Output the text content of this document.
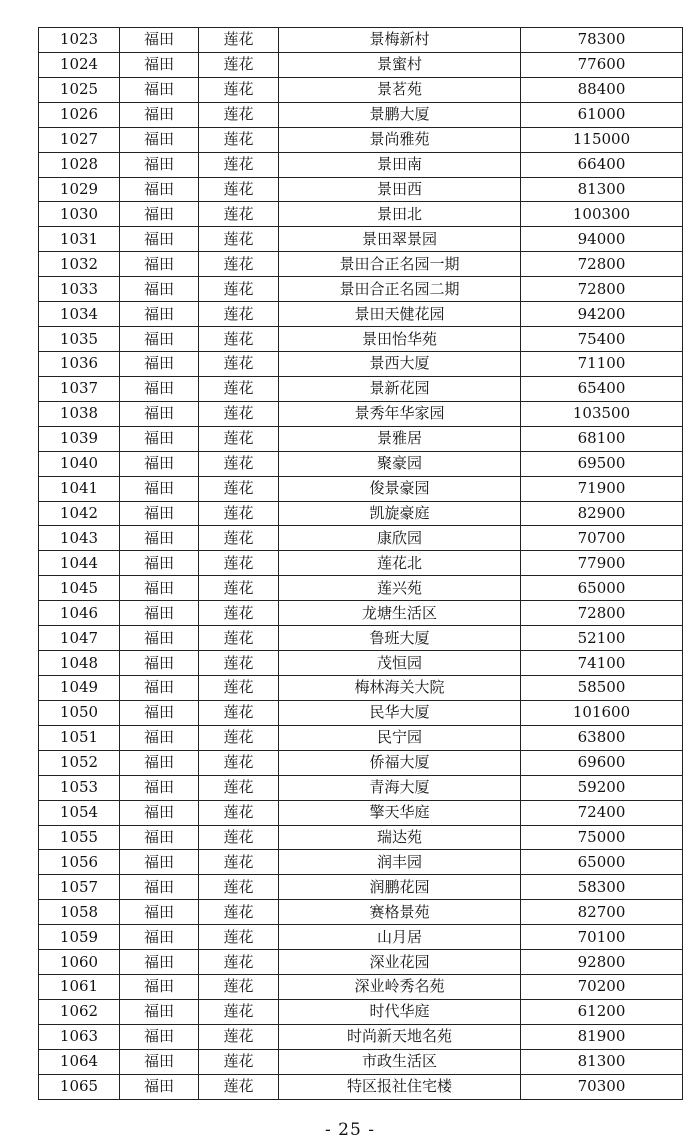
1023	福田	莲花	景梅新村	78300
1024	福田	莲花	景蜜村	77600
1025	福田	莲花	景茗苑	88400
1026	福田	莲花	景鹏大厦	61000
1027	福田	莲花	景尚雅苑	115000
1028	福田	莲花	景田南	66400
1029	福田	莲花	景田西	81300
1030	福田	莲花	景田北	100300
1031	福田	莲花	景田翠景园	94000
1032	福田	莲花	景田合正名园一期	72800
1033	福田	莲花	景田合正名园二期	72800
1034	福田	莲花	景田天健花园	94200
1035	福田	莲花	景田怡华苑	75400
1036	福田	莲花	景西大厦	71100
1037	福田	莲花	景新花园	65400
1038	福田	莲花	景秀年华家园	103500
1039	福田	莲花	景雅居	68100
1040	福田	莲花	聚豪园	69500
1041	福田	莲花	俊景豪园	71900
1042	福田	莲花	凯旋豪庭	82900
1043	福田	莲花	康欣园	70700
1044	福田	莲花	莲花北	77900
1045	福田	莲花	莲兴苑	65000
1046	福田	莲花	龙塘生活区	72800
1047	福田	莲花	鲁班大厦	52100
1048	福田	莲花	茂恒园	74100
1049	福田	莲花	梅林海关大院	58500
1050	福田	莲花	民华大厦	101600
1051	福田	莲花	民宁园	63800
1052	福田	莲花	侨福大厦	69600
1053	福田	莲花	青海大厦	59200
1054	福田	莲花	擎天华庭	72400
1055	福田	莲花	瑞达苑	75000
1056	福田	莲花	润丰园	65000
1057	福田	莲花	润鹏花园	58300
1058	福田	莲花	赛格景苑	82700
1059	福田	莲花	山月居	70100
1060	福田	莲花	深业花园	92800
1061	福田	莲花	深业岭秀名苑	70200
1062	福田	莲花	时代华庭	61200
1063	福田	莲花	时尚新天地名苑	81900
1064	福田	莲花	市政生活区	81300
1065	福田	莲花	特区报社住宅楼	70300
- 25 -
